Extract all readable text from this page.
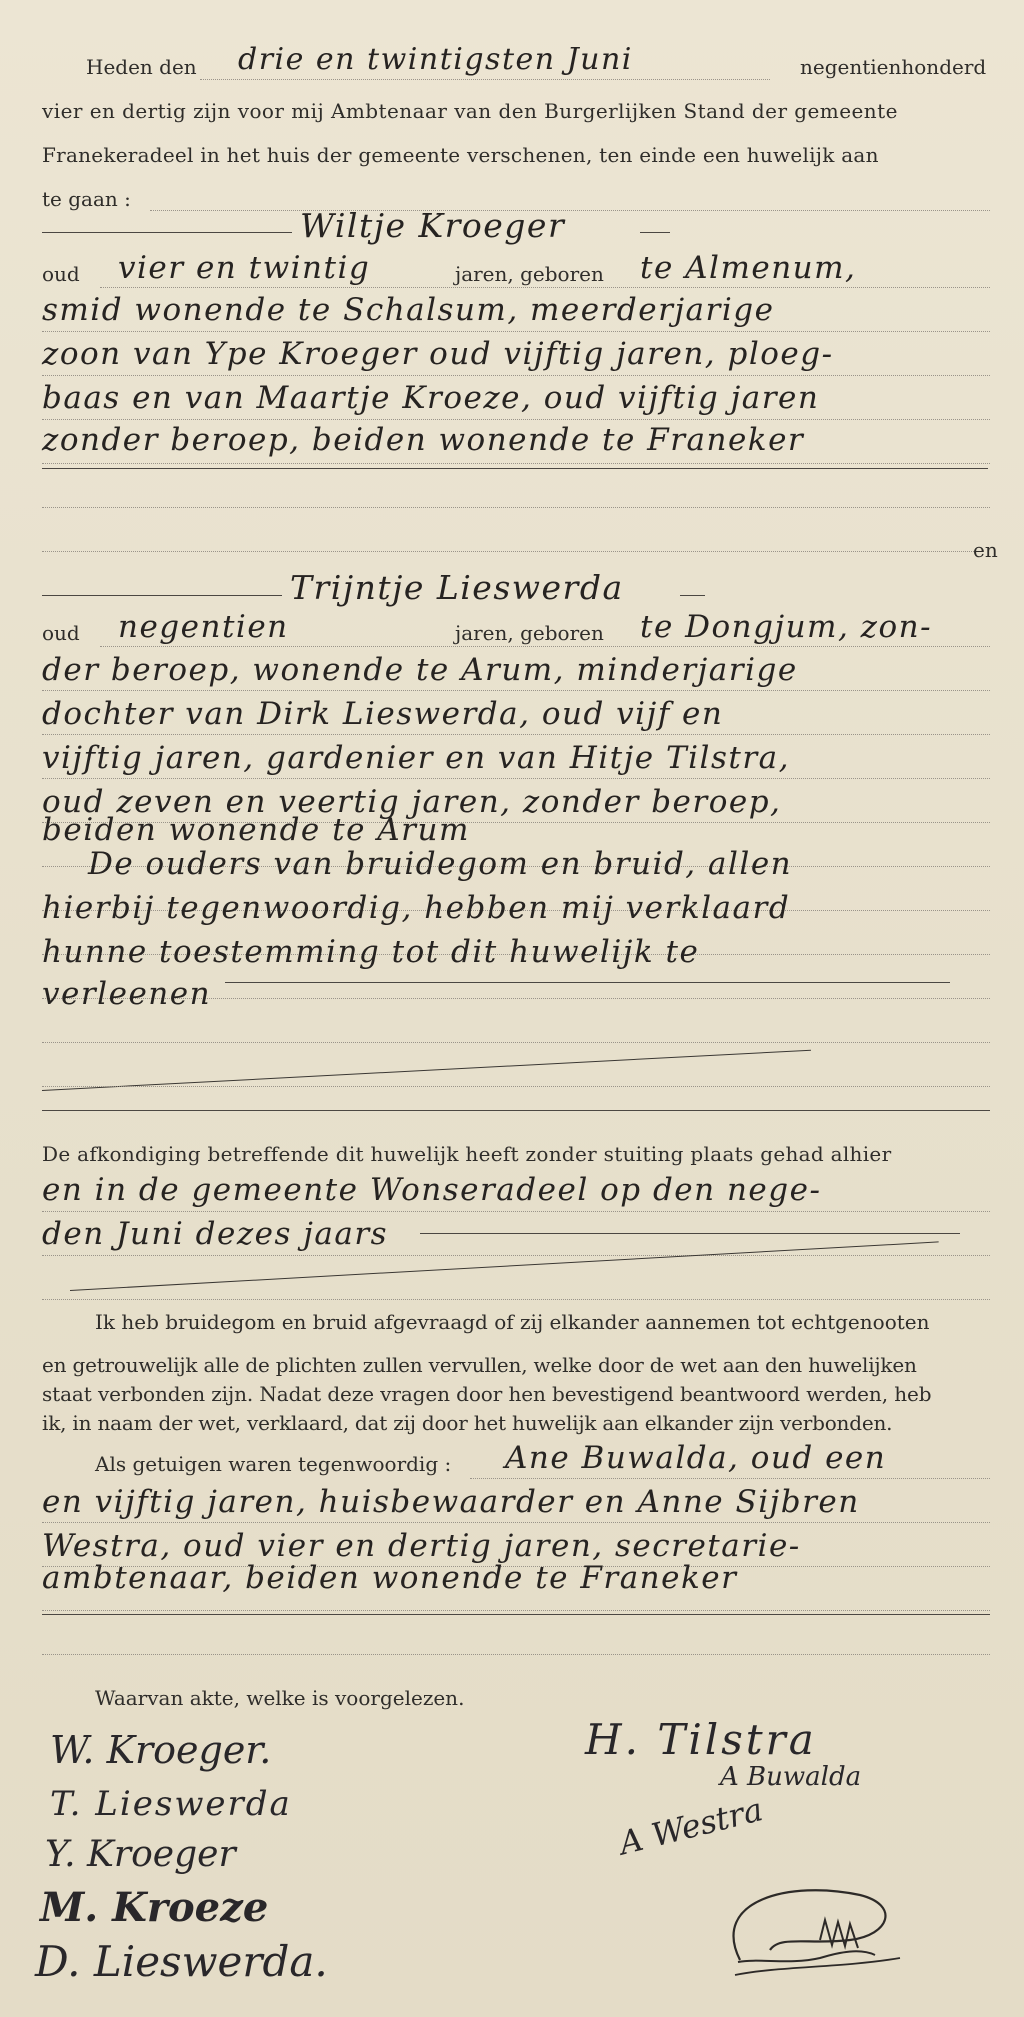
Heden den drie en twintigsten Juni	negentienhonderd
vier en dertig zijn voor mij Ambtenaar van den Burgerlijken Stand der gemeente
Franekeradeel in het huis der gemeente verschenen, ten einde een huwelijk aan
te gaan :
Wiltje Kroeger
oud vier en twintig	jaren, geboren te Almenum,
smid wonende te Schalsum, meerderjarige
zoon van Ype Kroeger oud vijftig jaren, ploeg-
baas en van Maartje Kroeze, oud vijftig jaren
zonder beroep, beiden wonende te Franeker
en
Trijntje Lieswerda
oud negentien	jaren, geboren te Dongjum, zon-
der beroep, wonende te Arum, minderjarige
dochter van Dirk Lieswerda, oud vijf en
vijftig jaren, gardenier en van Hitje Tilstra,
oud zeven en veertig jaren, zonder beroep,
beiden wonende te Arum
De ouders van bruidegom en bruid, allen
hierbij tegenwoordig, hebben mij verklaard
hunne toestemming tot dit huwelijk te
verleenen
De afkondiging betreffende dit huwelijk heeft zonder stuiting plaats gehad alhier
en in de gemeente Wonseradeel op den nege-
den Juni dezes jaars
Ik heb bruidegom en bruid afgevraagd of zij elkander aannemen tot echtgenooten
en getrouwelijk alle de plichten zullen vervullen, welke door de wet aan den huwelijken
staat verbonden zijn. Nadat deze vragen door hen bevestigend beantwoord werden, heb
ik, in naam der wet, verklaard, dat zij door het huwelijk aan elkander zijn verbonden.
Als getuigen waren tegenwoordig : Ane Buwalda, oud een
en vijftig jaren, huisbewaarder en Anne Sijbren
Westra, oud vier en dertig jaren, secretarie-
ambtenaar, beiden wonende te Franeker
Waarvan akte, welke is voorgelezen.
W. Kroeger.
T. Lieswerda
Y. Kroeger
M. Kroeze
D. Lieswerda.
H. Tilstra
A Buwalda
A Westra
